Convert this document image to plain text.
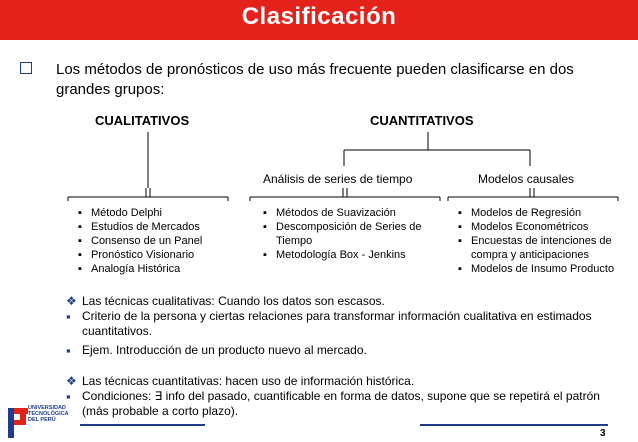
Clasificación
Los métodos de pronósticos de uso más frecuente pueden clasificarse en dos grandes grupos:
CUALITATIVOS	CUANTITATIVOS
Análisis de series de tiempo	Modelos causales
▪ Método Delphi
▪ Estudios de Mercados
▪ Consenso de un Panel
▪ Pronóstico Visionario
▪ Analogía Histórica
▪ Métodos de Suavización
▪ Descomposición de Series de Tiempo
▪ Metodología Box - Jenkins
▪ Modelos de Regresión
▪ Modelos Econométricos
▪ Encuestas de intenciones de compra y anticipaciones
▪ Modelos de Insumo Producto
❖ Las técnicas cualitativas: Cuando los datos son escasos.
▪ Criterio de la persona y ciertas relaciones para transformar información cualitativa en estimados cuantitativos.
▪ Ejem. Introducción de un producto nuevo al mercado.
❖ Las técnicas cuantitativas: hacen uso de información histórica.
▪ Condiciones: ∃ info del pasado, cuantificable en forma de datos, supone que se repetirá el patrón (más probable a corto plazo).
UNIVERSIDAD TECNOLÓGICA DEL PERÚ
3
